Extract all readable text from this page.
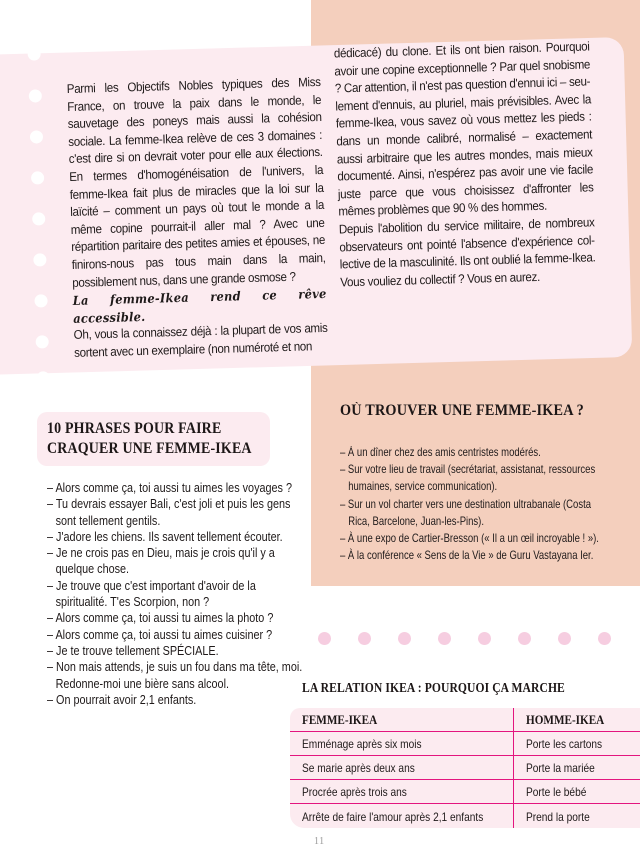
Parmi les Objectifs Nobles typiques des Miss France, on trouve la paix dans le monde, le sauvetage des poneys mais aussi la cohésion sociale. La femme-Ikea relève de ces 3 domaines : c'est dire si on devrait voter pour elle aux élections. En termes d'homogénéisation de l'univers, la femme-Ikea fait plus de miracles que la loi sur la laïcité – comment un pays où tout le monde a la même copine pourrait-il aller mal ? Avec une répartition paritaire des petites amies et épouses, ne finirons-nous pas tous main dans la main, possiblement nus, dans une grande osmose ?

La femme-Ikea rend ce rêve accessible.

Oh, vous la connaissez déjà : la plupart de vos amis sortent avec un exemplaire (non numéroté et non

dédicacé) du clone. Et ils ont bien raison. Pourquoi avoir une copine exceptionnelle ? Par quel snobisme ? Car attention, il n'est pas question d'ennui ici – seulement d'ennuis, au pluriel, mais prévisibles. Avec la femme-Ikea, vous savez où vous mettez les pieds : dans un monde calibré, normalisé – exactement aussi arbitraire que les autres mondes, mais mieux documenté. Ainsi, n'espérez pas avoir une vie facile juste parce que vous choisissez d'affronter les mêmes problèmes que 90 % des hommes.

Depuis l'abolition du service militaire, de nombreux observateurs ont pointé l'absence d'expérience collective de la masculinité. Ils ont oublié la femme-Ikea. Vous vouliez du collectif ? Vous en aurez.

10 PHRASES POUR FAIRE
CRAQUER UNE FEMME-IKEA
– Alors comme ça, toi aussi tu aimes les voyages ?
– Tu devrais essayer Bali, c'est joli et puis les gens sont tellement gentils.
– J'adore les chiens. Ils savent tellement écouter.
– Je ne crois pas en Dieu, mais je crois qu'il y a quelque chose.
– Je trouve que c'est important d'avoir de la spiritualité. T'es Scorpion, non ?
– Alors comme ça, toi aussi tu aimes la photo ?
– Alors comme ça, toi aussi tu aimes cuisiner ?
– Je te trouve tellement SPÉCIALE.
– Non mais attends, je suis un fou dans ma tête, moi. Redonne-moi une bière sans alcool.
– On pourrait avoir 2,1 enfants.
OÙ TROUVER UNE FEMME-IKEA ?
– À un dîner chez des amis centristes modérés.
– Sur votre lieu de travail (secrétariat, assistanat, ressources humaines, service communication).
– Sur un vol charter vers une destination ultrabanale (Costa Rica, Barcelone, Juan-les-Pins).
– À une expo de Cartier-Bresson (« Il a un œil incroyable ! »).
– À la conférence « Sens de la Vie » de Guru Vastayana Ier.
LA RELATION IKEA : POURQUOI ÇA MARCHE
FEMME-IKEA	HOMME-IKEA
Emménage après six mois	Porte les cartons
Se marie après deux ans	Porte la mariée
Procrée après trois ans	Porte le bébé
Arrête de faire l'amour après 2,1 enfants	Prend la porte
11
